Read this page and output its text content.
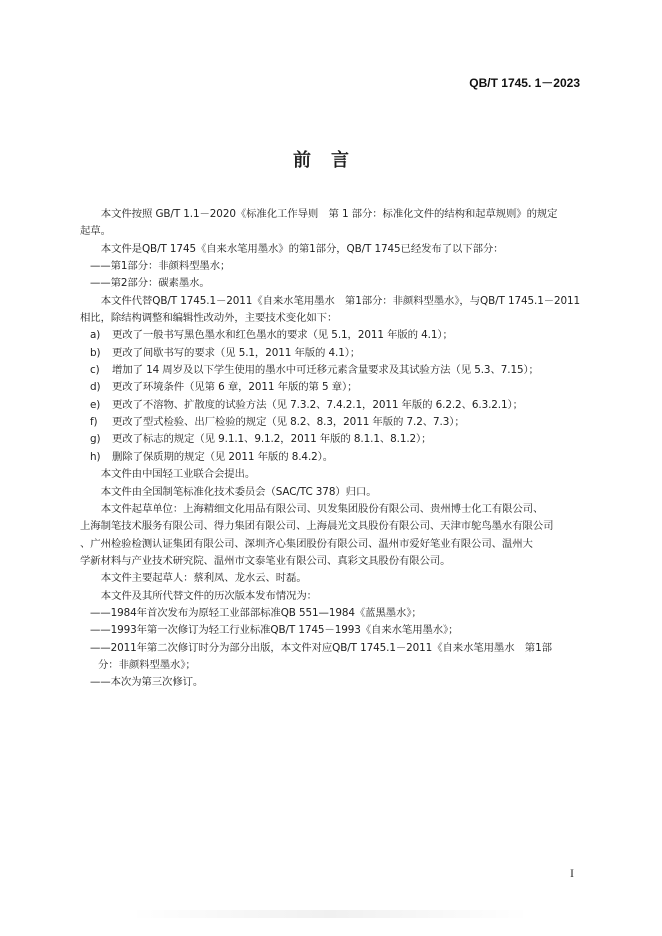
QB/T 1745. 1－2023
前言

本文件按照 GB/T 1.1－2020《标准化工作导则　第 1 部分：标准化文件的结构和起草规则》的规定

起草。

本文件是QB/T 1745《自来水笔用墨水》的第1部分，QB/T 1745已经发布了以下部分：

——第1部分：非颜料型墨水；

——第2部分：碳素墨水。

本文件代替QB/T 1745.1－2011《自来水笔用墨水　第1部分：非颜料型墨水》，与QB/T 1745.1－2011

相比，除结构调整和编辑性改动外，主要技术变化如下：

a)	更改了一般书写黑色墨水和红色墨水的要求（见 5.1，2011 年版的 4.1）；
b)	更改了间歇书写的要求（见 5.1，2011 年版的 4.1）；
c)	增加了 14 周岁及以下学生使用的墨水中可迁移元素含量要求及其试验方法（见 5.3、7.15）；
d)	更改了环境条件（见第 6 章，2011 年版的第 5 章）；
e)	更改了不溶物、扩散度的试验方法（见 7.3.2、7.4.2.1，2011 年版的 6.2.2、6.3.2.1）；
f)	更改了型式检验、出厂检验的规定（见 8.2、8.3，2011 年版的 7.2、7.3）；
g)	更改了标志的规定（见 9.1.1、9.1.2，2011 年版的 8.1.1、8.1.2）；
h)	删除了保质期的规定（见 2011 年版的 8.4.2）。

本文件由中国轻工业联合会提出。

本文件由全国制笔标准化技术委员会（SAC/TC 378）归口。

本文件起草单位：上海精细文化用品有限公司、贝发集团股份有限公司、贵州博士化工有限公司、

上海制笔技术服务有限公司、得力集团有限公司、上海晨光文具股份有限公司、天津市鸵鸟墨水有限公司

、广州检验检测认证集团有限公司、深圳齐心集团股份有限公司、温州市爱好笔业有限公司、温州大

学新材料与产业技术研究院、温州市文泰笔业有限公司、真彩文具股份有限公司。

本文件主要起草人：蔡利凤、龙水云、时磊。

本文件及其所代替文件的历次版本发布情况为：

——1984年首次发布为原轻工业部部标准QB 551—1984《蓝黑墨水》；

——1993年第一次修订为轻工行业标准QB/T 1745－1993《自来水笔用墨水》；

——2011年第二次修订时分为部分出版，本文件对应QB/T 1745.1－2011《自来水笔用墨水　第1部

分：非颜料型墨水》；

——本次为第三次修订。

I
